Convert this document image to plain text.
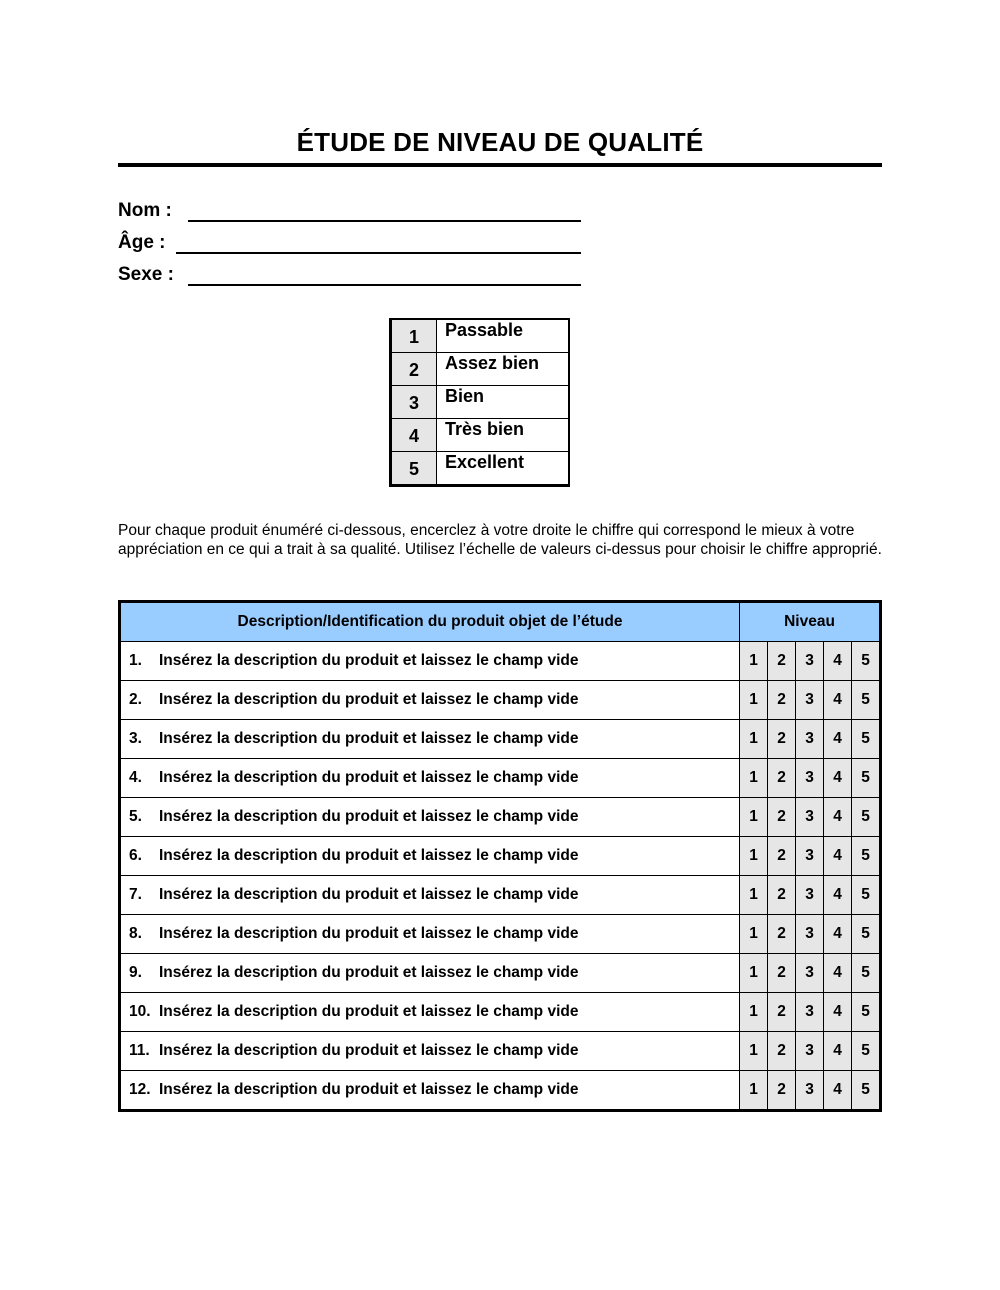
ÉTUDE DE NIVEAU DE QUALITÉ
Nom :
Âge :
Sexe :
1	Passable
2	Assez bien
3	Bien
4	Très bien
5	Excellent
Pour chaque produit énuméré ci-dessous, encerclez à votre droite le chiffre qui correspond le mieux à votre appréciation en ce qui a trait à sa qualité. Utilisez l’échelle de valeurs ci-dessus pour choisir le chiffre approprié.
Description/Identification du produit objet de l’étude	Niveau				
1. Insérez la description du produit et laissez le champ vide	1	2	3	4	5
2. Insérez la description du produit et laissez le champ vide	1	2	3	4	5
3. Insérez la description du produit et laissez le champ vide	1	2	3	4	5
4. Insérez la description du produit et laissez le champ vide	1	2	3	4	5
5. Insérez la description du produit et laissez le champ vide	1	2	3	4	5
6. Insérez la description du produit et laissez le champ vide	1	2	3	4	5
7. Insérez la description du produit et laissez le champ vide	1	2	3	4	5
8. Insérez la description du produit et laissez le champ vide	1	2	3	4	5
9. Insérez la description du produit et laissez le champ vide	1	2	3	4	5
10. Insérez la description du produit et laissez le champ vide	1	2	3	4	5
11. Insérez la description du produit et laissez le champ vide	1	2	3	4	5
12. Insérez la description du produit et laissez le champ vide	1	2	3	4	5
